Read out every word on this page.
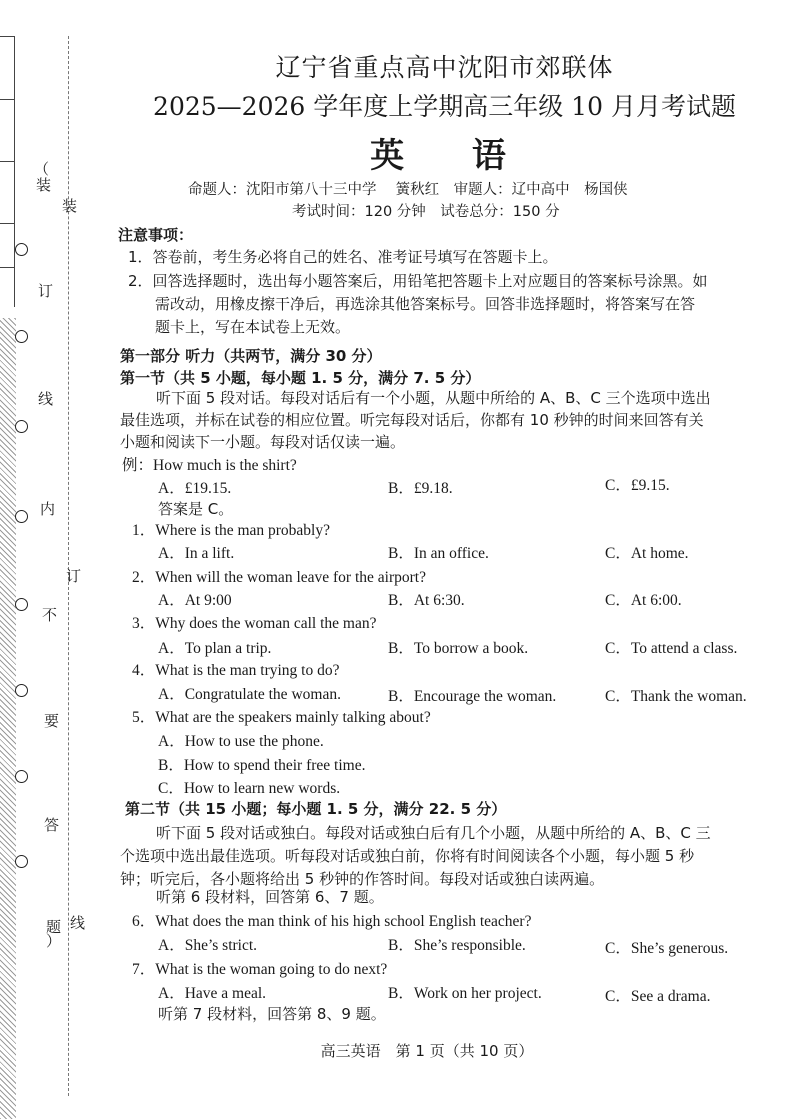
（
装
订
线
内
不
要
答
题
）
装
订
线
辽宁省重点高中沈阳市郊联体
2025—2026 学年度上学期高三年级 10 月月考试题
英 语
命题人：沈阳市第八十三中学　 簧秋红　审题人：辽中高中　杨国侠
考试时间：120 分钟　试卷总分：150 分
注意事项：
1．答卷前，考生务必将自己的姓名、准考证号填写在答题卡上。
2．回答选择题时，选出每小题答案后，用铅笔把答题卡上对应题目的答案标号涂黑。如
需改动，用橡皮擦干净后，再选涂其他答案标号。回答非选择题时，将答案写在答
题卡上，写在本试卷上无效。
第一部分 听力（共两节，满分 30 分）
第一节（共 5 小题，每小题 1. 5 分，满分 7. 5 分）
听下面 5 段对话。每段对话后有一个小题，从题中所给的 A、B、C 三个选项中选出
最佳选项，并标在试卷的相应位置。听完每段对话后，你都有 10 秒钟的时间来回答有关
小题和阅读下一小题。每段对话仅读一遍。
例：How much is the shirt?
A．£19.15.	B．£9.18.	C．£9.15.
答案是 C。
1．Where is the man probably?
A．In a lift.	B．In an office.	C．At home.
2．When will the woman leave for the airport?
A．At 9:00	B．At 6:30.	C．At 6:00.
3．Why does the woman call the man?
A．To plan a trip.	B．To borrow a book.	C．To attend a class.
4．What is the man trying to do?
A．Congratulate the woman.	B．Encourage the woman.	C．Thank the woman.
5．What are the speakers mainly talking about?
A．How to use the phone.
B．How to spend their free time.
C．How to learn new words.
第二节（共 15 小题；每小题 1. 5 分，满分 22. 5 分）
听下面 5 段对话或独白。每段对话或独白后有几个小题，从题中所给的 A、B、C 三
个选项中选出最佳选项。听每段对话或独白前，你将有时间阅读各个小题，每小题 5 秒
钟；听完后，各小题将给出 5 秒钟的作答时间。每段对话或独白读两遍。
听第 6 段材料，回答第 6、7 题。
6．What does the man think of his high school English teacher?
A．She’s strict.	B．She’s responsible.	C．She’s generous.
7．What is the woman going to do next?
A．Have a meal.	B．Work on her project.	C．See a drama.
听第 7 段材料，回答第 8、9 题。
高三英语　第 1 页（共 10 页）
